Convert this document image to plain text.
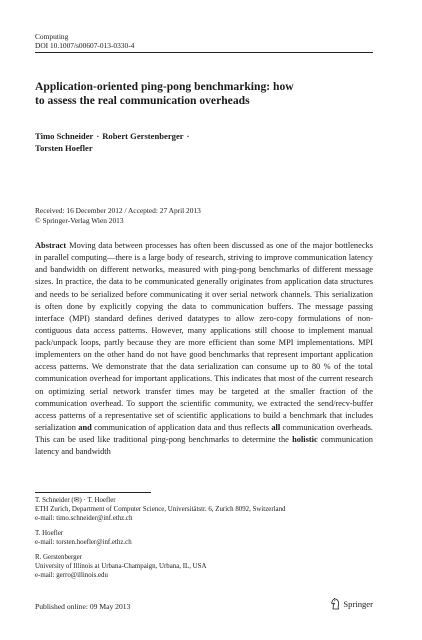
Computing
DOI 10.1007/s00607-013-0330-4
Application-oriented ping-pong benchmarking: how
to assess the real communication overheads
Timo Schneider · Robert Gerstenberger ·
Torsten Hoefler
Received: 16 December 2012 / Accepted: 27 April 2013
© Springer-Verlag Wien 2013
Abstract Moving data between processes has often been discussed as one of the major bottlenecks in parallel computing—there is a large body of research, striving to improve communication latency and bandwidth on different networks, measured with ping-pong benchmarks of different message sizes. In practice, the data to be communicated generally originates from application data structures and needs to be serialized before communicating it over serial network channels. This serialization is often done by explicitly copying the data to communication buffers. The message passing interface (MPI) standard defines derived datatypes to allow zero-copy formulations of non-contiguous data access patterns. However, many applications still choose to implement manual pack/unpack loops, partly because they are more efficient than some MPI implementations. MPI implementers on the other hand do not have good benchmarks that represent important application access patterns. We demonstrate that the data serialization can consume up to 80 % of the total communication overhead for important applications. This indicates that most of the current research on optimizing serial network transfer times may be targeted at the smaller fraction of the communication overhead. To support the scientific community, we extracted the send/recv-buffer access patterns of a representative set of scientific applications to build a benchmark that includes serialization and communication of application data and thus reflects all communication overheads. This can be used like traditional ping-pong benchmarks to determine the holistic communication latency and bandwidth
T. Schneider (✉) · T. Hoefler
ETH Zurich, Department of Computer Science, Universitätstr. 6, Zurich 8092, Switzerland
e-mail: timo.schneider@inf.ethz.ch
T. Hoefler
e-mail: torsten.hoefler@inf.ethz.ch
R. Gerstenberger
University of Illinois at Urbana-Champaign, Urbana, IL, USA
e-mail: gerro@illinois.edu
Published online: 09 May 2013	Springer
